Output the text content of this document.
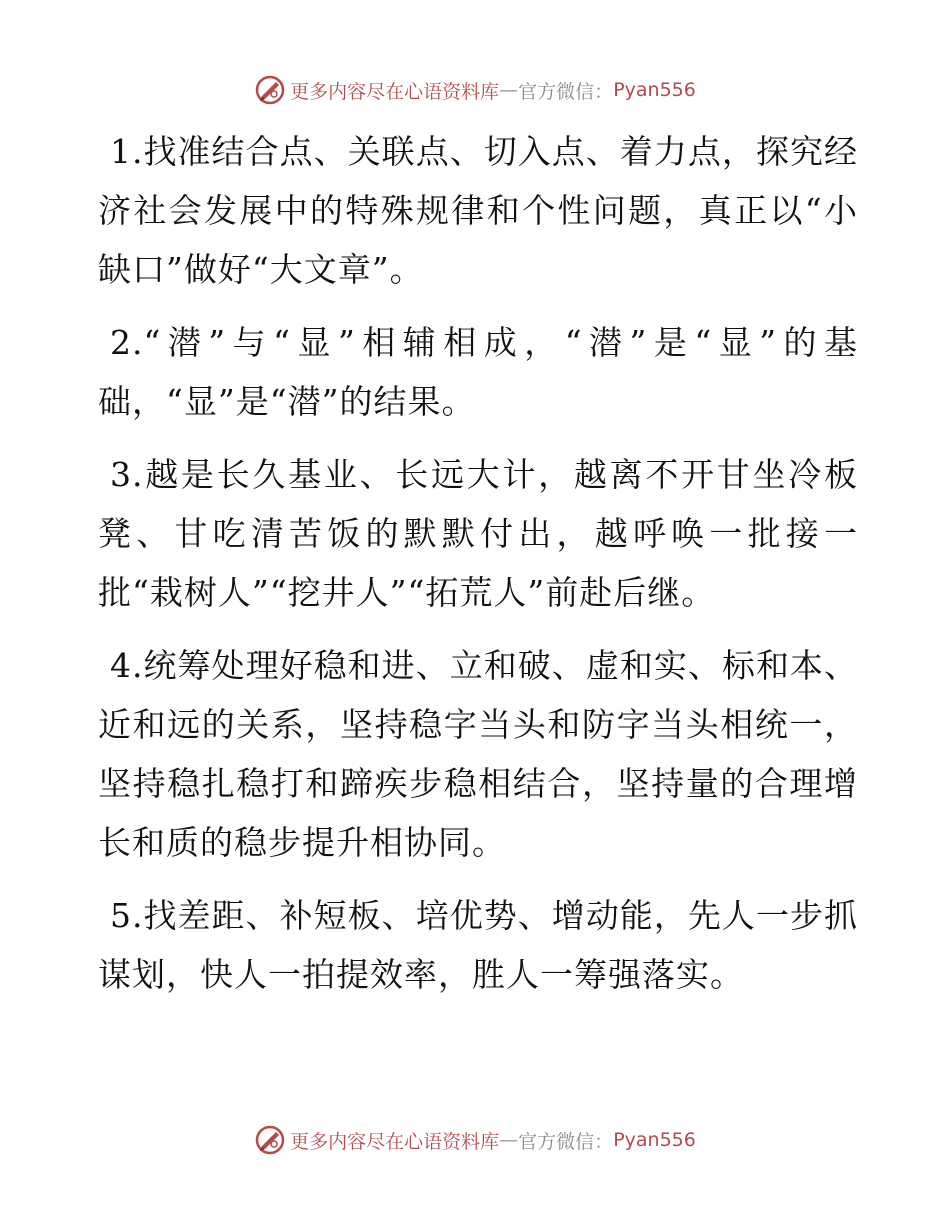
更多内容尽在心语资料库 — 官方微信： Pyan556

1.找准结合点、关联点、切入点、着力点，探究经济社会发展中的特殊规律和个性问题，真正以“小缺口”做好“大文章”。

2.“潜”与“显”相辅相成，“潜”是“显”的基础，“显”是“潜”的结果。

3.越是长久基业、长远大计，越离不开甘坐冷板凳、甘吃清苦饭的默默付出，越呼唤一批接一批“栽树人”“挖井人”“拓荒人”前赴后继。

4.统筹处理好稳和进、立和破、虚和实、标和本、近和远的关系，坚持稳字当头和防字当头相统一，坚持稳扎稳打和蹄疾步稳相结合，坚持量的合理增长和质的稳步提升相协同。

5.找差距、补短板、培优势、增动能，先人一步抓谋划，快人一拍提效率，胜人一筹强落实。

更多内容尽在心语资料库 — 官方微信： Pyan556
